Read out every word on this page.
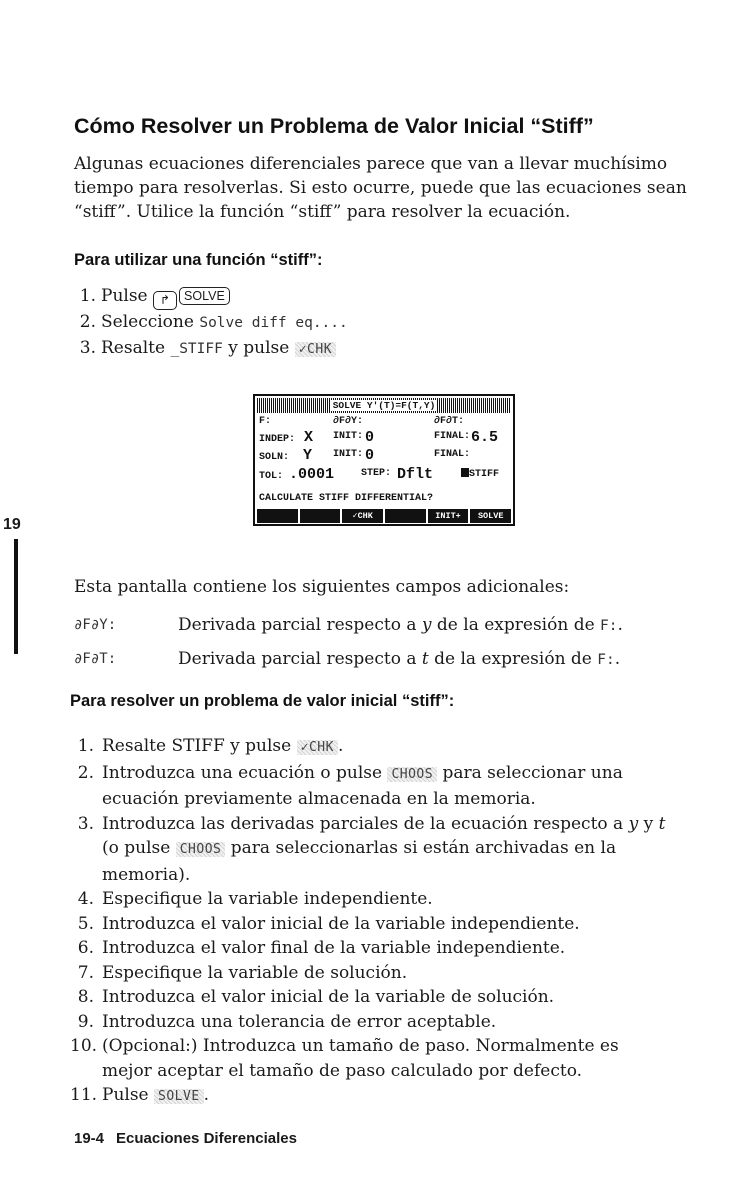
Cómo Resolver un Problema de Valor Inicial “Stiff”
Algunas ecuaciones diferenciales parece que van a llevar muchísimo tiempo para resolverlas. Si esto ocurre, puede que las ecuaciones sean “stiff”. Utilice la función “stiff” para resolver la ecuación.
Para utilizar una función “stiff”:
1. Pulse ↱ SOLVE
2. Seleccione Solve diff eq....
3. Resalte _STIFF y pulse ✓CHK
SOLVE Y'(T)=F(T,Y)
F:	∂F∂Y:	∂F∂T:
INDEP: X INIT: 0	FINAL: 6.5
SOLN: Y INIT: 0	FINAL:
TOL: .0001	STEP: Dflt	STIFF
CALCULATE STIFF DIFFERENTIAL?
✓CHK	INIT+	SOLVE
19
Esta pantalla contiene los siguientes campos adicionales:
∂F∂Y:	Derivada parcial respecto a y de la expresión de F:.
∂F∂T:	Derivada parcial respecto a t de la expresión de F:.
Para resolver un problema de valor inicial “stiff”:
1. Resalte STIFF y pulse ✓CHK .
2. Introduzca una ecuación o pulse CHOOS para seleccionar una ecuación previamente almacenada en la memoria.
3. Introduzca las derivadas parciales de la ecuación respecto a y y t (o pulse CHOOS para seleccionarlas si están archivadas en la memoria).
4. Especifique la variable independiente.
5. Introduzca el valor inicial de la variable independiente.
6. Introduzca el valor final de la variable independiente.
7. Especifique la variable de solución.
8. Introduzca el valor inicial de la variable de solución.
9. Introduzca una tolerancia de error aceptable.
10. (Opcional:) Introduzca un tamaño de paso. Normalmente es mejor aceptar el tamaño de paso calculado por defecto.
11. Pulse SOLVE .
19-4 Ecuaciones Diferenciales
